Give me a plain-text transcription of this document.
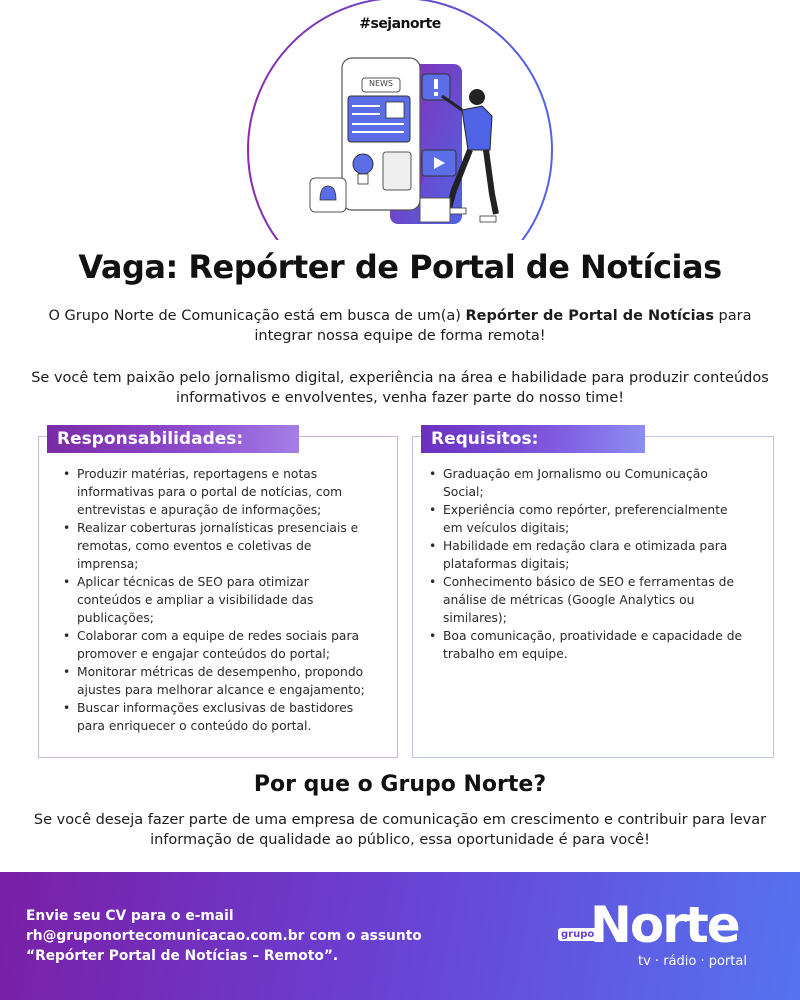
#sejanorte
NEWS
Vaga: Repórter de Portal de Notícias

O Grupo Norte de Comunicação está em busca de um(a) Repórter de Portal de Notícias para integrar nossa equipe de forma remota!

Se você tem paixão pelo jornalismo digital, experiência na área e habilidade para produzir conteúdos informativos e envolventes, venha fazer parte do nosso time!

Responsabilidades:
• Produzir matérias, reportagens e notas informativas para o portal de notícias, com entrevistas e apuração de informações;
• Realizar coberturas jornalísticas presenciais e remotas, como eventos e coletivas de imprensa;
• Aplicar técnicas de SEO para otimizar conteúdos e ampliar a visibilidade das publicações;
• Colaborar com a equipe de redes sociais para promover e engajar conteúdos do portal;
• Monitorar métricas de desempenho, propondo ajustes para melhorar alcance e engajamento;
• Buscar informações exclusivas de bastidores para enriquecer o conteúdo do portal.
Requisitos:
• Graduação em Jornalismo ou Comunicação Social;
• Experiência como repórter, preferencialmente em veículos digitais;
• Habilidade em redação clara e otimizada para plataformas digitais;
• Conhecimento básico de SEO e ferramentas de análise de métricas (Google Analytics ou similares);
• Boa comunicação, proatividade e capacidade de trabalho em equipe.
Por que o Grupo Norte?

Se você deseja fazer parte de uma empresa de comunicação em crescimento e contribuir para levar informação de qualidade ao público, essa oportunidade é para você!

Envie seu CV para o e-mail
rh@gruponortecomunicacao.com.br com o assunto
“Repórter Portal de Notícias – Remoto”.
grupo
Norte
tv · rádio · portal
